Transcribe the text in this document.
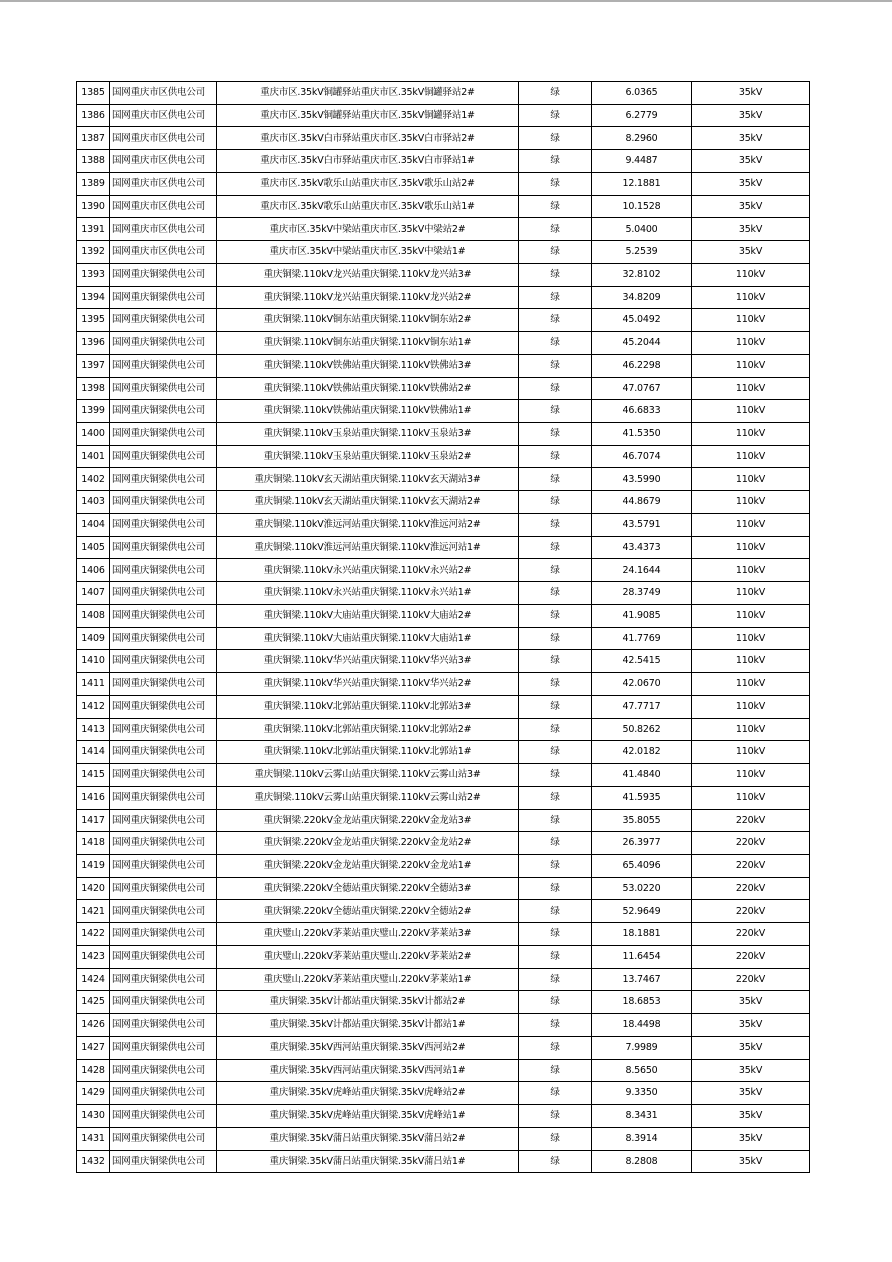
1385	国网重庆市区供电公司	重庆市区.35kV铜罐驿站重庆市区.35kV铜罐驿站2#	绿	6.0365	35kV
1386	国网重庆市区供电公司	重庆市区.35kV铜罐驿站重庆市区.35kV铜罐驿站1#	绿	6.2779	35kV
1387	国网重庆市区供电公司	重庆市区.35kV白市驿站重庆市区.35kV白市驿站2#	绿	8.2960	35kV
1388	国网重庆市区供电公司	重庆市区.35kV白市驿站重庆市区.35kV白市驿站1#	绿	9.4487	35kV
1389	国网重庆市区供电公司	重庆市区.35kV歌乐山站重庆市区.35kV歌乐山站2#	绿	12.1881	35kV
1390	国网重庆市区供电公司	重庆市区.35kV歌乐山站重庆市区.35kV歌乐山站1#	绿	10.1528	35kV
1391	国网重庆市区供电公司	重庆市区.35kV中梁站重庆市区.35kV中梁站2#	绿	5.0400	35kV
1392	国网重庆市区供电公司	重庆市区.35kV中梁站重庆市区.35kV中梁站1#	绿	5.2539	35kV
1393	国网重庆铜梁供电公司	重庆铜梁.110kV龙兴站重庆铜梁.110kV龙兴站3#	绿	32.8102	110kV
1394	国网重庆铜梁供电公司	重庆铜梁.110kV龙兴站重庆铜梁.110kV龙兴站2#	绿	34.8209	110kV
1395	国网重庆铜梁供电公司	重庆铜梁.110kV铜东站重庆铜梁.110kV铜东站2#	绿	45.0492	110kV
1396	国网重庆铜梁供电公司	重庆铜梁.110kV铜东站重庆铜梁.110kV铜东站1#	绿	45.2044	110kV
1397	国网重庆铜梁供电公司	重庆铜梁.110kV铁佛站重庆铜梁.110kV铁佛站3#	绿	46.2298	110kV
1398	国网重庆铜梁供电公司	重庆铜梁.110kV铁佛站重庆铜梁.110kV铁佛站2#	绿	47.0767	110kV
1399	国网重庆铜梁供电公司	重庆铜梁.110kV铁佛站重庆铜梁.110kV铁佛站1#	绿	46.6833	110kV
1400	国网重庆铜梁供电公司	重庆铜梁.110kV玉泉站重庆铜梁.110kV玉泉站3#	绿	41.5350	110kV
1401	国网重庆铜梁供电公司	重庆铜梁.110kV玉泉站重庆铜梁.110kV玉泉站2#	绿	46.7074	110kV
1402	国网重庆铜梁供电公司	重庆铜梁.110kV玄天湖站重庆铜梁.110kV玄天湖站3#	绿	43.5990	110kV
1403	国网重庆铜梁供电公司	重庆铜梁.110kV玄天湖站重庆铜梁.110kV玄天湖站2#	绿	44.8679	110kV
1404	国网重庆铜梁供电公司	重庆铜梁.110kV淮远河站重庆铜梁.110kV淮远河站2#	绿	43.5791	110kV
1405	国网重庆铜梁供电公司	重庆铜梁.110kV淮远河站重庆铜梁.110kV淮远河站1#	绿	43.4373	110kV
1406	国网重庆铜梁供电公司	重庆铜梁.110kV永兴站重庆铜梁.110kV永兴站2#	绿	24.1644	110kV
1407	国网重庆铜梁供电公司	重庆铜梁.110kV永兴站重庆铜梁.110kV永兴站1#	绿	28.3749	110kV
1408	国网重庆铜梁供电公司	重庆铜梁.110kV大庙站重庆铜梁.110kV大庙站2#	绿	41.9085	110kV
1409	国网重庆铜梁供电公司	重庆铜梁.110kV大庙站重庆铜梁.110kV大庙站1#	绿	41.7769	110kV
1410	国网重庆铜梁供电公司	重庆铜梁.110kV华兴站重庆铜梁.110kV华兴站3#	绿	42.5415	110kV
1411	国网重庆铜梁供电公司	重庆铜梁.110kV华兴站重庆铜梁.110kV华兴站2#	绿	42.0670	110kV
1412	国网重庆铜梁供电公司	重庆铜梁.110kV北郭站重庆铜梁.110kV北郭站3#	绿	47.7717	110kV
1413	国网重庆铜梁供电公司	重庆铜梁.110kV北郭站重庆铜梁.110kV北郭站2#	绿	50.8262	110kV
1414	国网重庆铜梁供电公司	重庆铜梁.110kV北郭站重庆铜梁.110kV北郭站1#	绿	42.0182	110kV
1415	国网重庆铜梁供电公司	重庆铜梁.110kV云雾山站重庆铜梁.110kV云雾山站3#	绿	41.4840	110kV
1416	国网重庆铜梁供电公司	重庆铜梁.110kV云雾山站重庆铜梁.110kV云雾山站2#	绿	41.5935	110kV
1417	国网重庆铜梁供电公司	重庆铜梁.220kV金龙站重庆铜梁.220kV金龙站3#	绿	35.8055	220kV
1418	国网重庆铜梁供电公司	重庆铜梁.220kV金龙站重庆铜梁.220kV金龙站2#	绿	26.3977	220kV
1419	国网重庆铜梁供电公司	重庆铜梁.220kV金龙站重庆铜梁.220kV金龙站1#	绿	65.4096	220kV
1420	国网重庆铜梁供电公司	重庆铜梁.220kV全德站重庆铜梁.220kV全德站3#	绿	53.0220	220kV
1421	国网重庆铜梁供电公司	重庆铜梁.220kV全德站重庆铜梁.220kV全德站2#	绿	52.9649	220kV
1422	国网重庆铜梁供电公司	重庆璧山.220kV茅莱站重庆璧山.220kV茅莱站3#	绿	18.1881	220kV
1423	国网重庆铜梁供电公司	重庆璧山.220kV茅莱站重庆璧山.220kV茅莱站2#	绿	11.6454	220kV
1424	国网重庆铜梁供电公司	重庆璧山.220kV茅莱站重庆璧山.220kV茅莱站1#	绿	13.7467	220kV
1425	国网重庆铜梁供电公司	重庆铜梁.35kV计都站重庆铜梁.35kV计都站2#	绿	18.6853	35kV
1426	国网重庆铜梁供电公司	重庆铜梁.35kV计都站重庆铜梁.35kV计都站1#	绿	18.4498	35kV
1427	国网重庆铜梁供电公司	重庆铜梁.35kV西河站重庆铜梁.35kV西河站2#	绿	7.9989	35kV
1428	国网重庆铜梁供电公司	重庆铜梁.35kV西河站重庆铜梁.35kV西河站1#	绿	8.5650	35kV
1429	国网重庆铜梁供电公司	重庆铜梁.35kV虎峰站重庆铜梁.35kV虎峰站2#	绿	9.3350	35kV
1430	国网重庆铜梁供电公司	重庆铜梁.35kV虎峰站重庆铜梁.35kV虎峰站1#	绿	8.3431	35kV
1431	国网重庆铜梁供电公司	重庆铜梁.35kV蒲吕站重庆铜梁.35kV蒲吕站2#	绿	8.3914	35kV
1432	国网重庆铜梁供电公司	重庆铜梁.35kV蒲吕站重庆铜梁.35kV蒲吕站1#	绿	8.2808	35kV
